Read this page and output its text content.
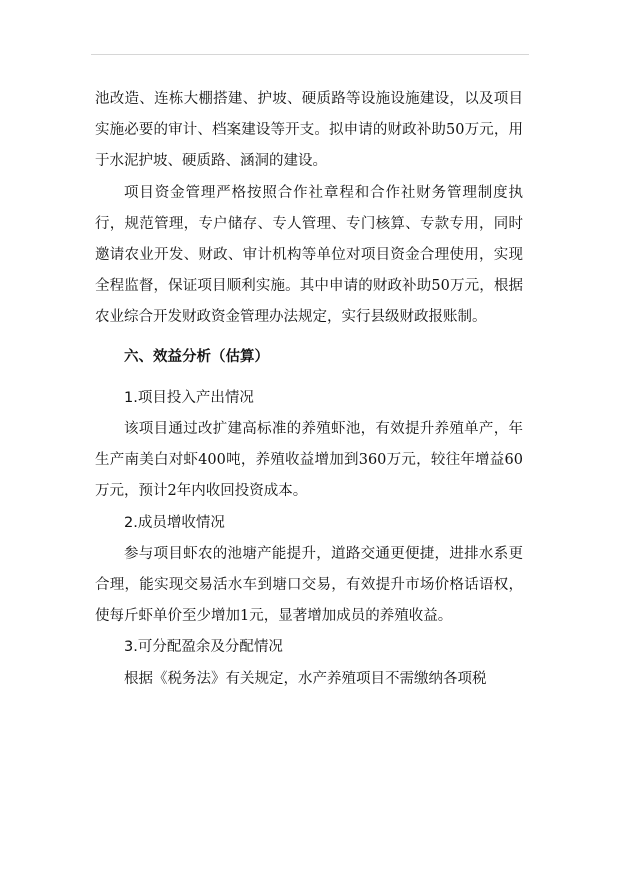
池改造、连栋大棚搭建、护坡、硬质路等设施设施建设，以及项目实施必要的审计、档案建设等开支。拟申请的财政补助50万元，用于水泥护坡、硬质路、涵洞的建设。

项目资金管理严格按照合作社章程和合作社财务管理制度执行，规范管理，专户储存、专人管理、专门核算、专款专用，同时邀请农业开发、财政、审计机构等单位对项目资金合理使用，实现全程监督，保证项目顺利实施。其中申请的财政补助50万元，根据农业综合开发财政资金管理办法规定，实行县级财政报账制。

六、效益分析（估算）
1.项目投入产出情况

该项目通过改扩建高标准的养殖虾池，有效提升养殖单产，年生产南美白对虾400吨，养殖收益增加到360万元，较往年增益60万元，预计2年内收回投资成本。

2.成员增收情况

参与项目虾农的池塘产能提升，道路交通更便捷，进排水系更合理，能实现交易活水车到塘口交易，有效提升市场价格话语权，使每斤虾单价至少增加1元，显著增加成员的养殖收益。

3.可分配盈余及分配情况

根据《税务法》有关规定，水产养殖项目不需缴纳各项税
